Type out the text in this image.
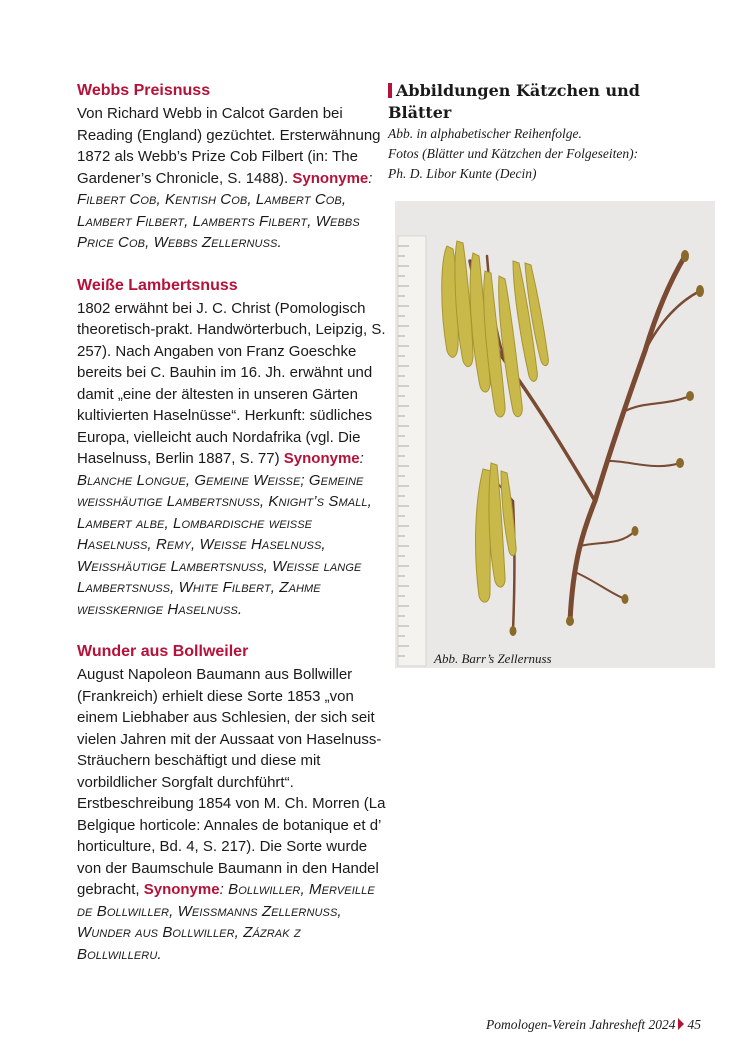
Webbs Preisnuss

Von Richard Webb in Calcot Garden bei Reading (England) gezüchtet. Ersterwähnung 1872 als Webb’s Prize Cob Filbert (in: The Gardener’s Chronicle, S. 1488). Synonyme: Filbert Cob, Kentish Cob, Lambert Cob, Lambert Filbert, Lamberts Filbert, Webbs Price Cob, Webbs Zellernuss.

Weiße Lambertsnuss

1802 erwähnt bei J. C. Christ (Pomologisch theoretisch-prakt. Handwörterbuch, Leipzig, S. 257). Nach Angaben von Franz Goeschke bereits bei C. Bauhin im 16. Jh. erwähnt und damit „eine der ältesten in unseren Gärten kultivierten Haselnüsse“. Herkunft: südliches Europa, vielleicht auch Nordafrika (vgl. Die Haselnuss, Berlin 1887, S. 77) Synonyme: Blanche Longue, Gemeine Weisse; Gemeine weisshäutige Lambertsnuss, Knight’s Small, Lambert albe, Lombardische weisse Haselnuss, Remy, Weisse Haselnuss, Weisshäutige Lambertsnuss, Weisse lange Lambertsnuss, White Filbert, Zahme weisskernige Haselnuss.

Wunder aus Bollweiler

August Napoleon Baumann aus Bollwiller (Frankreich) erhielt diese Sorte 1853 „von einem Liebhaber aus Schlesien, der sich seit vielen Jahren mit der Aussaat von Haselnuss-Sträuchern beschäftigt und diese mit vorbildlicher Sorgfalt durchführt“. Erstbeschreibung 1854 von M. Ch. Morren (La Belgique horticole: Annales de botanique et d’ horticulture, Bd. 4, S. 217). Die Sorte wurde von der Baumschule Baumann in den Handel gebracht, Synonyme: Bollwiller, Merveille de Bollwiller, Weissmanns Zellernuss, Wunder aus Bollwiller, Zázrak z Bollwilleru.

Abbildungen Kätzchen und Blätter

Abb. in alphabetischer Reihenfolge.

Fotos (Blätter und Kätzchen der Folgeseiten):

Ph. D. Libor Kunte (Decin)

Abb. Barr’s Zellernuss
Pomologen-Verein Jahresheft 2024 45
